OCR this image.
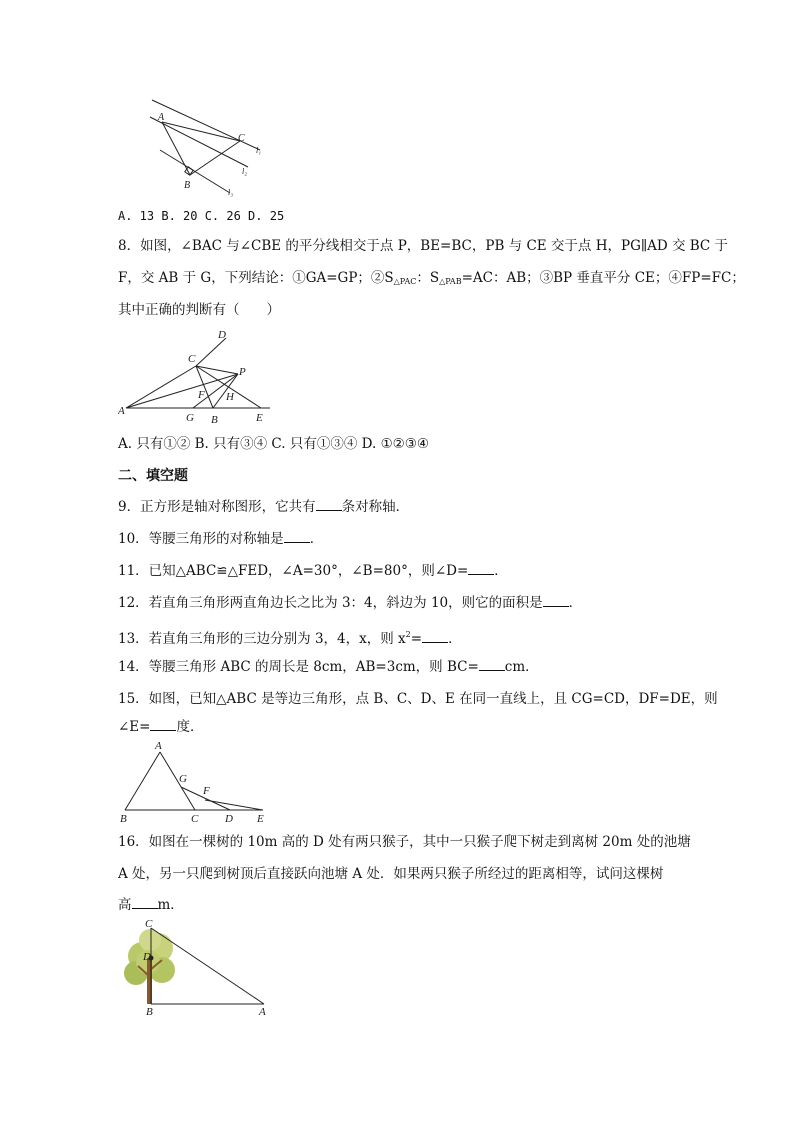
A
C
B
l₁
l₂
l₃
A. 13 B. 20 C. 26 D. 25
8．如图，∠BAC 与∠CBE 的平分线相交于点 P，BE=BC，PB 与 CE 交于点 H，PG∥AD 交 BC 于
F，交 AB 于 G，下列结论：①GA=GP；$②S_{\triangle PAC}$：$S_{\triangle PAB}=AC$：AB；③BP 垂直平分 CE；④FP=FC；
其中正确的判断有（　　）
D
C
P
F H
A
G B	E
A. 只有①② B. 只有③④ C. 只有①③④ D. ①②③④
二、填空题
9．正方形是轴对称图形，它共有 条对称轴．
10．等腰三角形的对称轴是 ．
11．已知△ABC≌△FED，∠A=30°，∠B=80°，则∠D= ．
12．若直角三角形两直角边长之比为 3：4，斜边为 10，则它的面积是 ．
13．若直角三角形的三边分别为 3，4，x，则 $x^2=$ ．
14．等腰三角形 ABC 的周长是 8cm，AB=3cm，则 BC= cm．
15．如图，已知△ABC 是等边三角形，点 B、C、D、E 在同一直线上，且 CG=CD，DF=DE，则
∠E= 度．
A
G
F
B	C D E
16．如图在一棵树的 10m 高的 D 处有两只猴子，其中一只猴子爬下树走到离树 20m 处的池塘
A 处，另一只爬到树顶后直接跃向池塘 A 处．如果两只猴子所经过的距离相等，试问这棵树
高 m．
C
D
B	A
